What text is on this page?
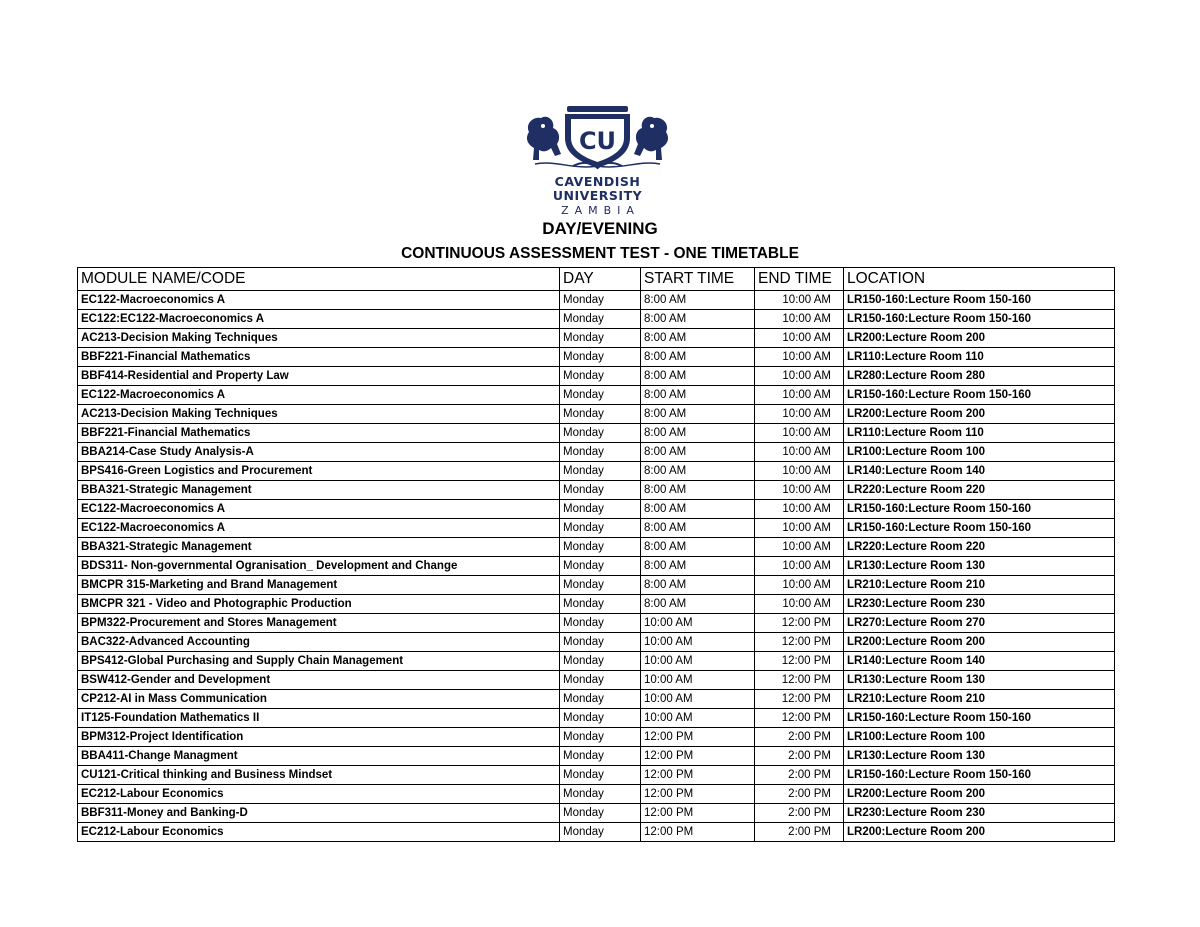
CU
CAVENDISH
UNIVERSITY
ZAMBIA
DAY/EVENING
CONTINUOUS ASSESSMENT TEST - ONE TIMETABLE
MODULE NAME/CODE	DAY	START TIME	END TIME	LOCATION
EC122-Macroeconomics A	Monday	8:00 AM	10:00 AM	LR150-160:Lecture Room 150-160
EC122:EC122-Macroeconomics A	Monday	8:00 AM	10:00 AM	LR150-160:Lecture Room 150-160
AC213-Decision Making Techniques	Monday	8:00 AM	10:00 AM	LR200:Lecture Room 200
BBF221-Financial Mathematics	Monday	8:00 AM	10:00 AM	LR110:Lecture Room 110
BBF414-Residential and Property Law	Monday	8:00 AM	10:00 AM	LR280:Lecture Room 280
EC122-Macroeconomics A	Monday	8:00 AM	10:00 AM	LR150-160:Lecture Room 150-160
AC213-Decision Making Techniques	Monday	8:00 AM	10:00 AM	LR200:Lecture Room 200
BBF221-Financial Mathematics	Monday	8:00 AM	10:00 AM	LR110:Lecture Room 110
BBA214-Case Study Analysis-A	Monday	8:00 AM	10:00 AM	LR100:Lecture Room 100
BPS416-Green Logistics and Procurement	Monday	8:00 AM	10:00 AM	LR140:Lecture Room 140
BBA321-Strategic Management	Monday	8:00 AM	10:00 AM	LR220:Lecture Room 220
EC122-Macroeconomics A	Monday	8:00 AM	10:00 AM	LR150-160:Lecture Room 150-160
EC122-Macroeconomics A	Monday	8:00 AM	10:00 AM	LR150-160:Lecture Room 150-160
BBA321-Strategic Management	Monday	8:00 AM	10:00 AM	LR220:Lecture Room 220
BDS311- Non-governmental Ogranisation_ Development and Change	Monday	8:00 AM	10:00 AM	LR130:Lecture Room 130
BMCPR 315-Marketing and Brand Management	Monday	8:00 AM	10:00 AM	LR210:Lecture Room 210
BMCPR 321 - Video and Photographic Production	Monday	8:00 AM	10:00 AM	LR230:Lecture Room 230
BPM322-Procurement and Stores Management	Monday	10:00 AM	12:00 PM	LR270:Lecture Room 270
BAC322-Advanced Accounting	Monday	10:00 AM	12:00 PM	LR200:Lecture Room 200
BPS412-Global Purchasing and Supply Chain Management	Monday	10:00 AM	12:00 PM	LR140:Lecture Room 140
BSW412-Gender and Development	Monday	10:00 AM	12:00 PM	LR130:Lecture Room 130
CP212-AI in Mass Communication	Monday	10:00 AM	12:00 PM	LR210:Lecture Room 210
IT125-Foundation Mathematics II	Monday	10:00 AM	12:00 PM	LR150-160:Lecture Room 150-160
BPM312-Project Identification	Monday	12:00 PM	2:00 PM	LR100:Lecture Room 100
BBA411-Change Managment	Monday	12:00 PM	2:00 PM	LR130:Lecture Room 130
CU121-Critical thinking and Business Mindset	Monday	12:00 PM	2:00 PM	LR150-160:Lecture Room 150-160
EC212-Labour Economics	Monday	12:00 PM	2:00 PM	LR200:Lecture Room 200
BBF311-Money and Banking-D	Monday	12:00 PM	2:00 PM	LR230:Lecture Room 230
EC212-Labour Economics	Monday	12:00 PM	2:00 PM	LR200:Lecture Room 200
